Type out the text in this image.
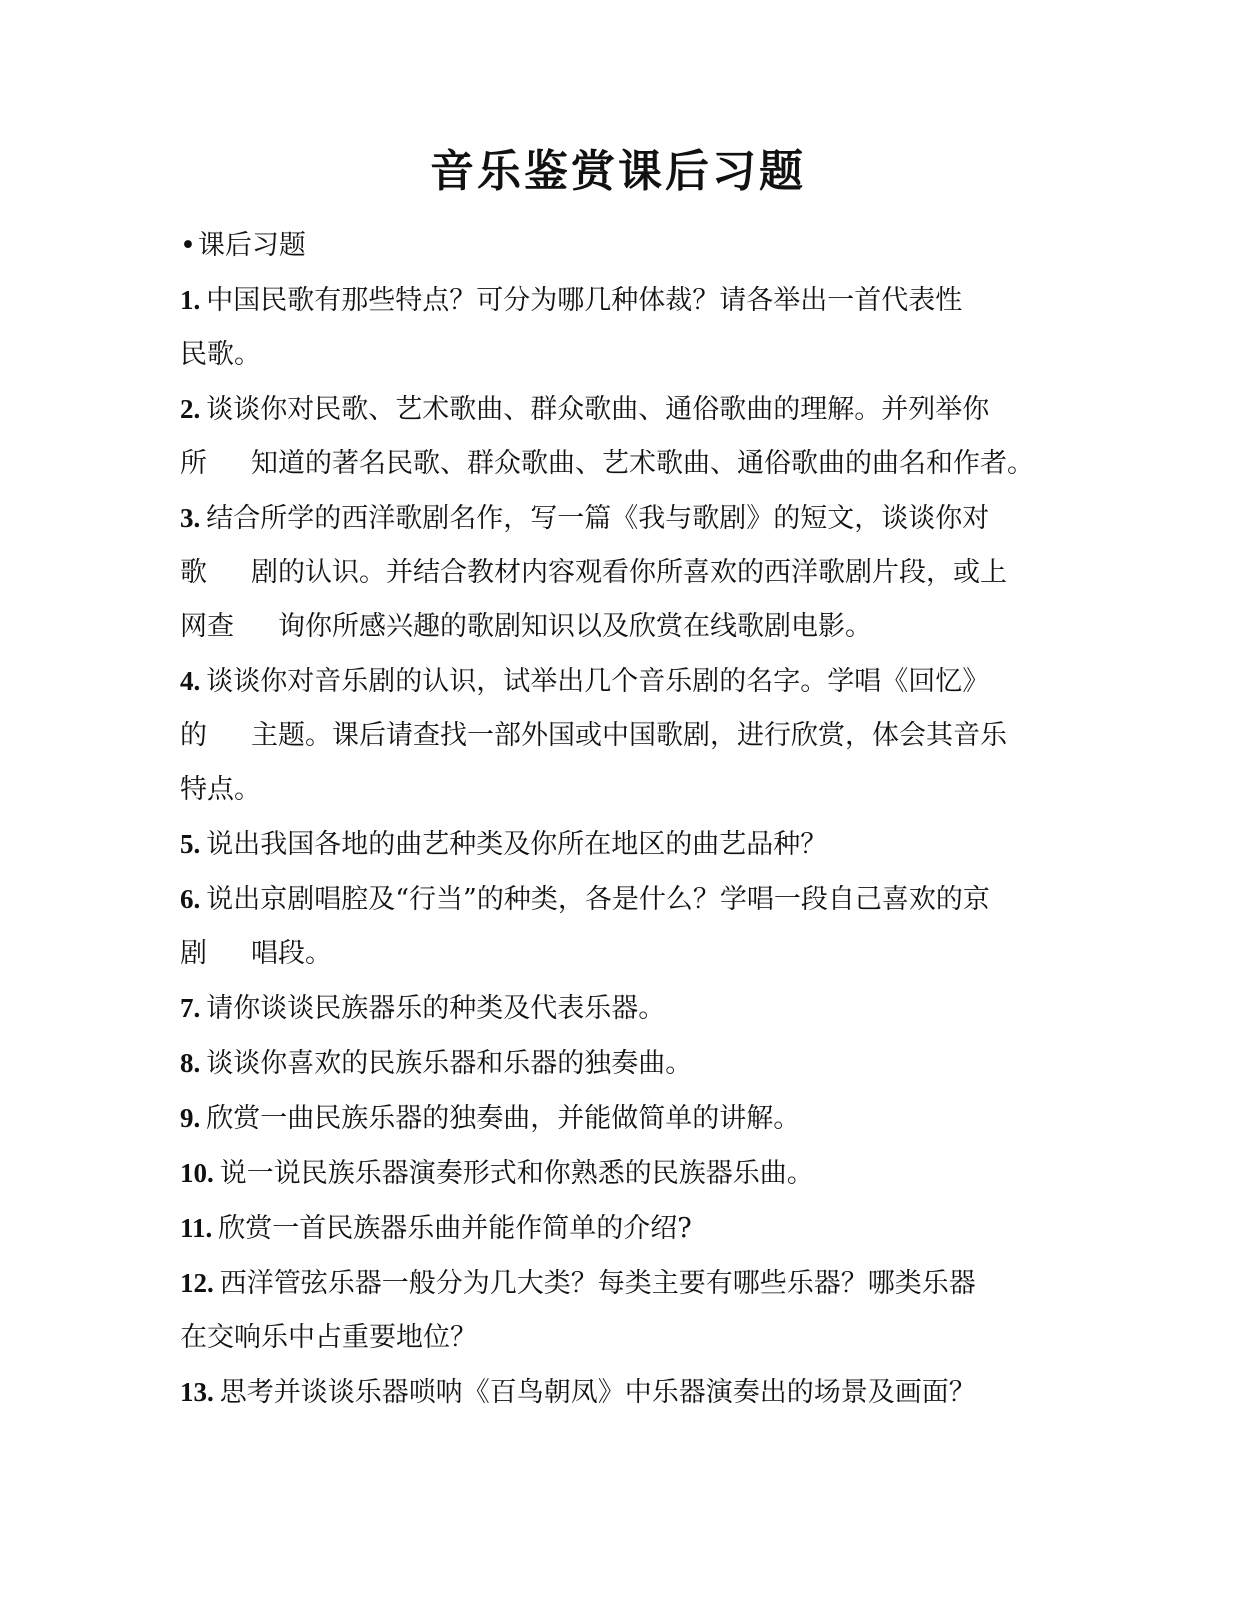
音乐鉴赏课后习题

•课后习题

1. 中国民歌有那些特点？可分为哪几种体裁？请各举出一首代表性
民歌。

2. 谈谈你对民歌、艺术歌曲、群众歌曲、通俗歌曲的理解。并列举你
所 知道的著名民歌、群众歌曲、艺术歌曲、通俗歌曲的曲名和作者。

3. 结合所学的西洋歌剧名作，写一篇《我与歌剧》的短文，谈谈你对
歌 剧的认识。并结合教材内容观看你所喜欢的西洋歌剧片段，或上
网查 询你所感兴趣的歌剧知识以及欣赏在线歌剧电影。

4. 谈谈你对音乐剧的认识，试举出几个音乐剧的名字。学唱《回忆》
的 主题。课后请查找一部外国或中国歌剧，进行欣赏，体会其音乐
特点。

5. 说出我国各地的曲艺种类及你所在地区的曲艺品种？

6. 说出京剧唱腔及“行当”的种类，各是什么？学唱一段自己喜欢的京
剧 唱段。

7. 请你谈谈民族器乐的种类及代表乐器。

8. 谈谈你喜欢的民族乐器和乐器的独奏曲。

9. 欣赏一曲民族乐器的独奏曲，并能做简单的讲解。

10. 说一说民族乐器演奏形式和你熟悉的民族器乐曲。

11. 欣赏一首民族器乐曲并能作简单的介绍?

12. 西洋管弦乐器一般分为几大类？每类主要有哪些乐器？哪类乐器
在交响乐中占重要地位？

13. 思考并谈谈乐器唢呐《百鸟朝凤》中乐器演奏出的场景及画面？
